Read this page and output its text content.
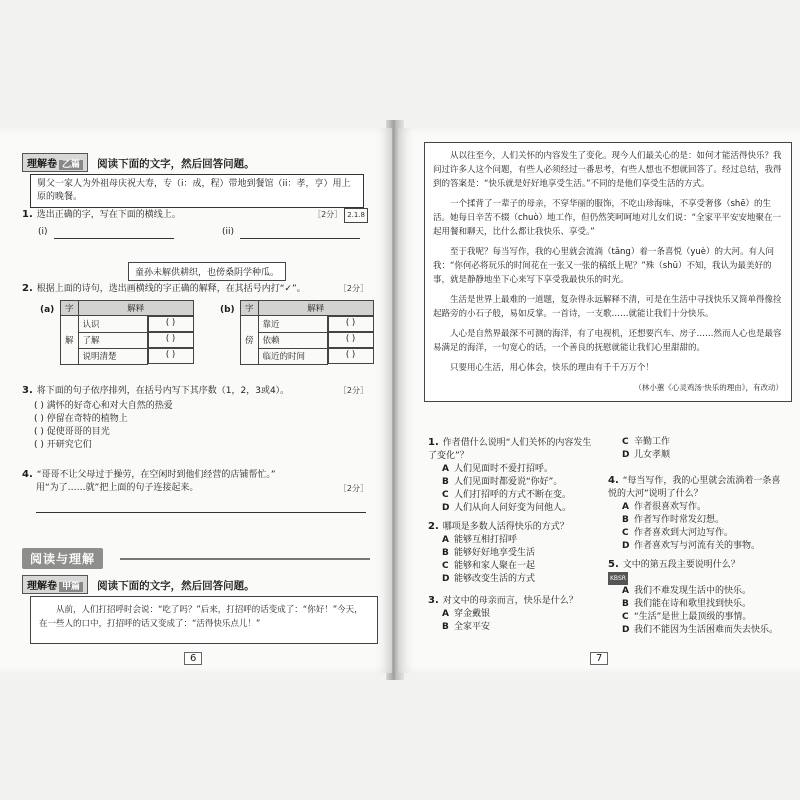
理解卷 乙篇 阅读下面的文字，然后回答问题。
舅父一家人为外祖母庆祝大寿，专（i：成，程）带地到餐馆（ii：孝，亨）用上原的晚餐。
1. 选出正确的字，写在下面的横线上。	［2分］ 2.1.8
(i)	(ii)
童孙未解供耕织，也傍桑阴学种瓜。
2. 根据上面的诗句，选出画横线的字正确的解释，在其括号内打“✓”。	［2分］
(a) 字	解释
解	认识		( )
	了解		( )
	说明清楚		( )
(b) 字	解释
傍	靠近		( )
	依赖		( )
	临近的时间		( )
3. 将下面的句子依序排列，在括号内写下其序数（1，2，3或4）。	［2分］
( ) 满怀的好奇心和对大自然的热爱
( ) 停留在奇特的植物上
( ) 促使哥哥的目光
( ) 开研究它们
4. “哥哥不让父母过于操劳，在空闲时到他们经营的店铺帮忙。”
用“为了……就”把上面的句子连接起来。	［2分］
阅读与理解
理解卷 甲篇 阅读下面的文字，然后回答问题。

从前，人们打招呼时会说：“吃了吗？”后来，打招呼的话变成了：“你好！”今天，在一些人的口中，打招呼的话又变成了：“活得快乐点儿！”

6

从以往至今，人们关怀的内容发生了变化。现今人们最关心的是：如何才能活得快乐？我问过许多人这个问题，有些人必须经过一番思考，有些人想也不想就回答了。经过总结，我得到的答案是：“快乐就是好好地享受生活。”不同的是他们享受生活的方式。

一个揉背了一辈子的母亲，不穿华丽的服饰，不吃山珍海味，不享受奢侈（shē）的生活。她每日辛苦不辍（chuò）地工作，但仍然笑呵呵地对儿女们说：“全家平平安安地聚在一起用餐和聊天，比什么都让我快乐、享受。”

至于我呢？每当写作，我的心里就会流淌（tǎng）着一条喜悦（yuè）的大河。有人问我：“你何必将玩乐的时间花在一张又一张的稿纸上呢？”殊（shū）不知，我认为最美好的事，就是静静地坐下心来写下享受我最快乐的时光。

生活是世界上最难的一道题，复杂得永远解释不清，可是在生活中寻找快乐又简单得像捡起路旁的小石子般，易如反掌。一首诗，一支歌……就能让我们十分快乐。

人心是自然界最深不可测的海洋，有了电视机，还想要汽车、房子……然而人心也是最容易满足的海洋，一句宽心的话，一个善良的抚慰就能让我们心里甜甜的。

只要用心生活，用心体会，快乐的理由有千千万万个！

（林小蕙《心灵鸡汤·快乐的理由》，有改动）

1. 作者借什么说明“人们关怀的内容发生了变化”？
A 人们见面时不爱打招呼。
B 人们见面时都爱说“你好”。
C 人们打招呼的方式不断在变。
D 人们从向人问好变为问他人。
2. 哪项是多数人活得快乐的方式？
A 能够互相打招呼
B 能够好好地享受生活
C 能够和家人聚在一起
D 能够改变生活的方式
3. 对文中的母亲而言，快乐是什么？
A 穿金戴银
B 全家平安
C 辛勤工作
D 儿女孝顺
4. “每当写作，我的心里就会流淌着一条喜悦的大河”说明了什么？
A 作者很喜欢写作。
B 作者写作时常发幻想。
C 作者喜欢到大河边写作。
D 作者喜欢写与河流有关的事物。
5. 文中的第五段主要说明什么？
KBSR
A 我们不难发现生活中的快乐。
B 我们能在诗和歌里找到快乐。
C “生活”是世上最顶级的事情。
D 我们不能因为生活困难而失去快乐。
7
